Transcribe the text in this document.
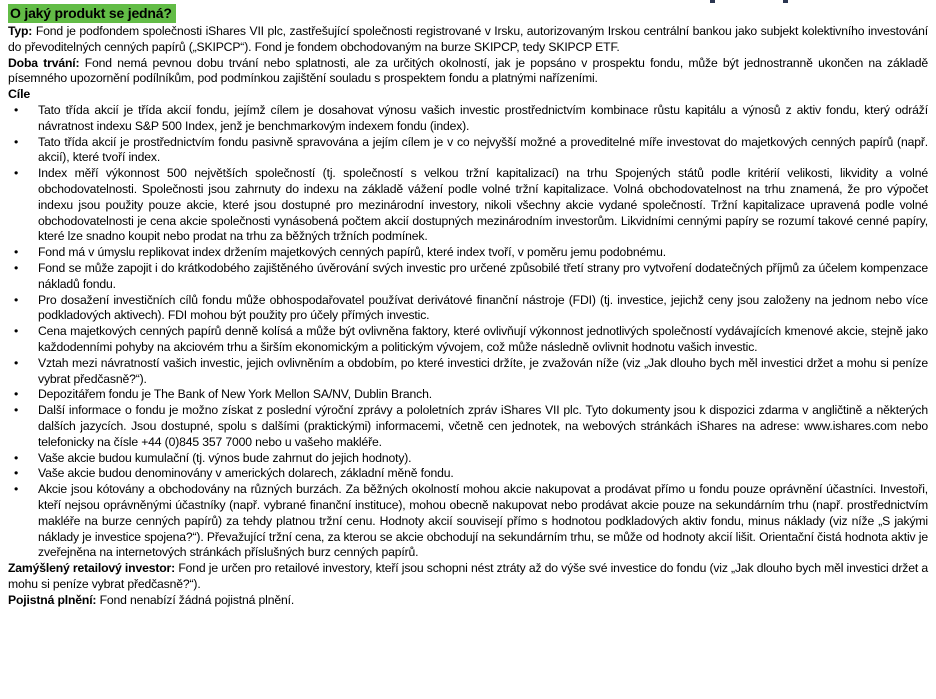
O jaký produkt se jedná?

Typ: Fond je podfondem společnosti iShares VII plc, zastřešující společnosti registrované v Irsku, autorizovaným Irskou centrální bankou jako subjekt kolektivního investování do převoditelných cenných papírů („SKIPCP“). Fond je fondem obchodovaným na burze SKIPCP, tedy SKIPCP ETF.

Doba trvání: Fond nemá pevnou dobu trvání nebo splatnosti, ale za určitých okolností, jak je popsáno v prospektu fondu, může být jednostranně ukončen na základě písemného upozornění podílníkům, pod podmínkou zajištění souladu s prospektem fondu a platnými nařízeními.

Cíle
• Tato třída akcií je třída akcií fondu, jejímž cílem je dosahovat výnosu vašich investic prostřednictvím kombinace růstu kapitálu a výnosů z aktiv fondu, který odráží návratnost indexu S&P 500 Index, jenž je benchmarkovým indexem fondu (index).
• Tato třída akcií je prostřednictvím fondu pasivně spravována a jejím cílem je v co nejvyšší možné a proveditelné míře investovat do majetkových cenných papírů (např. akcií), které tvoří index.
• Index měří výkonnost 500 největších společností (tj. společností s velkou tržní kapitalizací) na trhu Spojených států podle kritérií velikosti, likvidity a volné obchodovatelnosti. Společnosti jsou zahrnuty do indexu na základě vážení podle volné tržní kapitalizace. Volná obchodovatelnost na trhu znamená, že pro výpočet indexu jsou použity pouze akcie, které jsou dostupné pro mezinárodní investory, nikoli všechny akcie vydané společností. Tržní kapitalizace upravená podle volné obchodovatelnosti je cena akcie společnosti vynásobená počtem akcií dostupných mezinárodním investorům. Likvidními cennými papíry se rozumí takové cenné papíry, které lze snadno koupit nebo prodat na trhu za běžných tržních podmínek.
• Fond má v úmyslu replikovat index držením majetkových cenných papírů, které index tvoří, v poměru jemu podobnému.
• Fond se může zapojit i do krátkodobého zajištěného úvěrování svých investic pro určené způsobilé třetí strany pro vytvoření dodatečných příjmů za účelem kompenzace nákladů fondu.
• Pro dosažení investičních cílů fondu může obhospodařovatel používat derivátové finanční nástroje (FDI) (tj. investice, jejichž ceny jsou založeny na jednom nebo více podkladových aktivech). FDI mohou být použity pro účely přímých investic.
• Cena majetkových cenných papírů denně kolísá a může být ovlivněna faktory, které ovlivňují výkonnost jednotlivých společností vydávajících kmenové akcie, stejně jako každodenními pohyby na akciovém trhu a širším ekonomickým a politickým vývojem, což může následně ovlivnit hodnotu vašich investic.
• Vztah mezi návratností vašich investic, jejich ovlivněním a obdobím, po které investici držíte, je zvažován níže (viz „Jak dlouho bych měl investici držet a mohu si peníze vybrat předčasně?“).
• Depozitářem fondu je The Bank of New York Mellon SA/NV, Dublin Branch.
• Další informace o fondu je možno získat z poslední výroční zprávy a pololetních zpráv iShares VII plc. Tyto dokumenty jsou k dispozici zdarma v angličtině a některých dalších jazycích. Jsou dostupné, spolu s dalšími (praktickými) informacemi, včetně cen jednotek, na webových stránkách iShares na adrese: www.ishares.com nebo telefonicky na čísle +44 (0)845 357 7000 nebo u vašeho makléře.
• Vaše akcie budou kumulační (tj. výnos bude zahrnut do jejich hodnoty).
• Vaše akcie budou denominovány v amerických dolarech, základní měně fondu.
• Akcie jsou kótovány a obchodovány na různých burzách. Za běžných okolností mohou akcie nakupovat a prodávat přímo u fondu pouze oprávnění účastníci. Investoři, kteří nejsou oprávněnými účastníky (např. vybrané finanční instituce), mohou obecně nakupovat nebo prodávat akcie pouze na sekundárním trhu (např. prostřednictvím makléře na burze cenných papírů) za tehdy platnou tržní cenu. Hodnoty akcií souvisejí přímo s hodnotou podkladových aktiv fondu, minus náklady (viz níže „S jakými náklady je investice spojena?“). Převažující tržní cena, za kterou se akcie obchodují na sekundárním trhu, se může od hodnoty akcií lišit. Orientační čistá hodnota aktiv je zveřejněna na internetových stránkách příslušných burz cenných papírů.

Zamýšlený retailový investor: Fond je určen pro retailové investory, kteří jsou schopni nést ztráty až do výše své investice do fondu (viz „Jak dlouho bych měl investici držet a mohu si peníze vybrat předčasně?“).

Pojistná plnění: Fond nenabízí žádná pojistná plnění.
